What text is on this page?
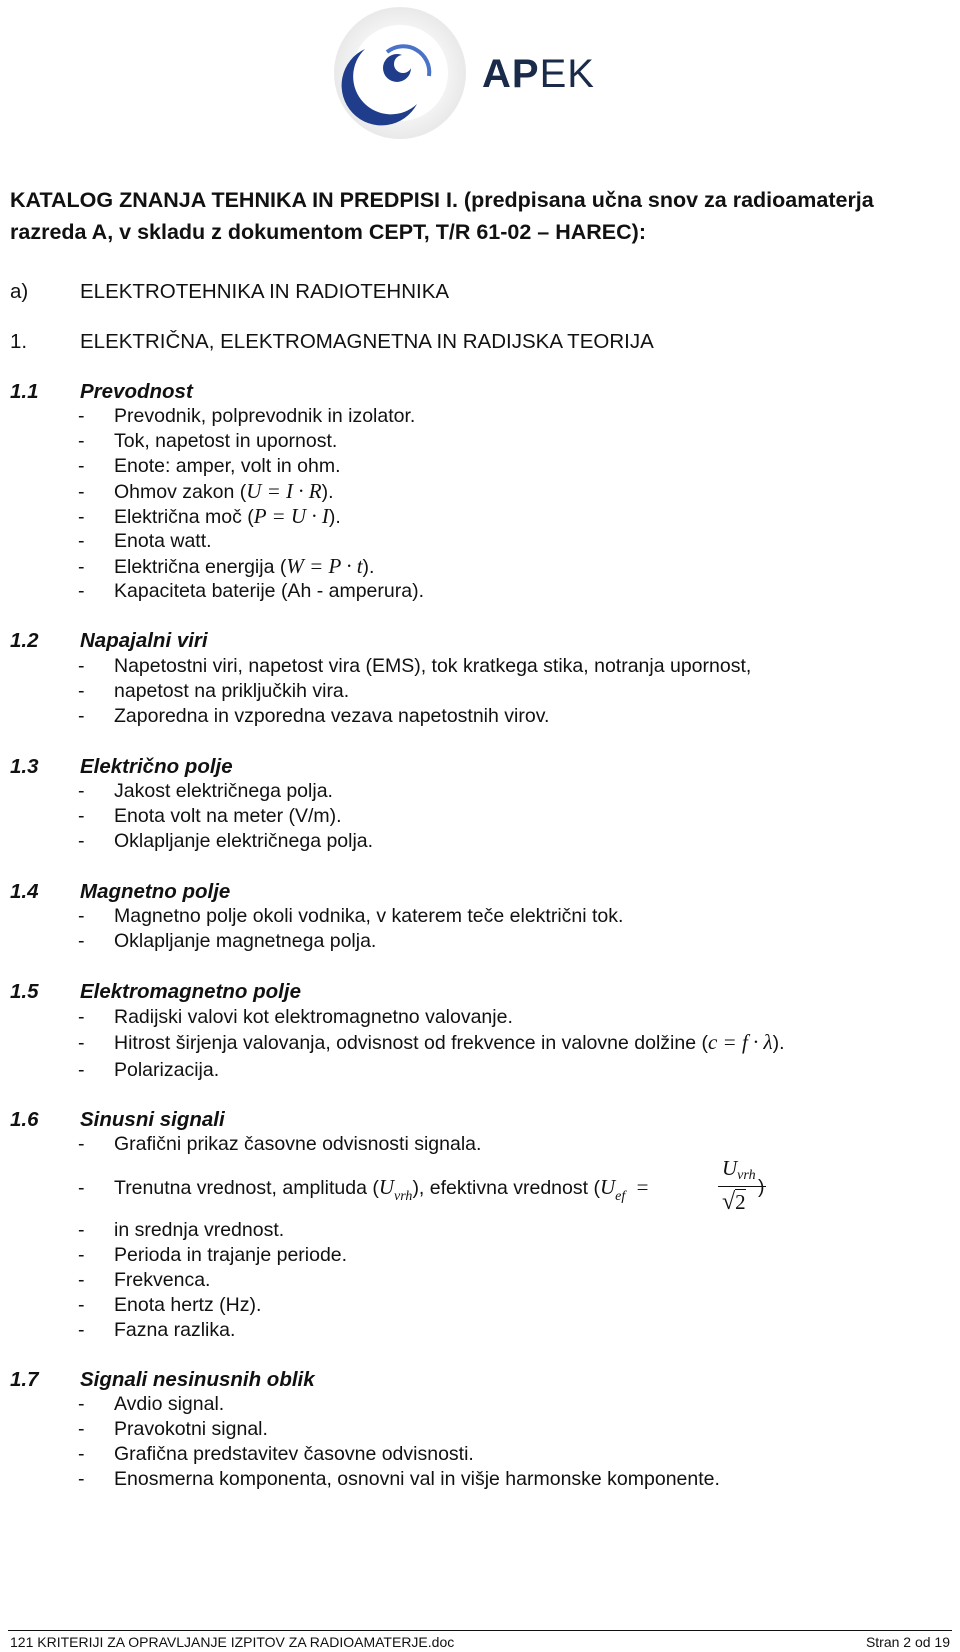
APEK
KATALOG ZNANJA TEHNIKA IN PREDPISI I. (predpisana učna snov za radioamaterja razreda A, v skladu z dokumentom CEPT, T/R 61-02 – HAREC):
a)	ELEKTROTEHNIKA IN RADIOTEHNIKA
1.	ELEKTRIČNA, ELEKTROMAGNETNA IN RADIJSKA TEORIJA
1.1 Prevodnost
- Prevodnik, polprevodnik in izolator.
- Tok, napetost in upornost.
- Enote: amper, volt in ohm.
- Ohmov zakon (U = I · R).
- Električna moč (P = U · I).
- Enota watt.
- Električna energija (W = P · t).
- Kapaciteta baterije (Ah - amperura).
1.2 Napajalni viri
- Napetostni viri, napetost vira (EMS), tok kratkega stika, notranja upornost,
- napetost na priključkih vira.
- Zaporedna in vzporedna vezava napetostnih virov.
1.3 Električno polje
- Jakost električnega polja.
- Enota volt na meter (V/m).
- Oklapljanje električnega polja.
1.4 Magnetno polje
- Magnetno polje okoli vodnika, v katerem teče električni tok.
- Oklapljanje magnetnega polja.
1.5 Elektromagnetno polje
- Radijski valovi kot elektromagnetno valovanje.
- Hitrost širjenja valovanja, odvisnost od frekvence in valovne dolžine (c = f · λ).
- Polarizacija.
1.6 Sinusni signali
- Grafični prikaz časovne odvisnosti signala.
- Trenutna vrednost, amplituda $(U_{vrh})$, efektivna vrednost ($U_{ef}$ =
Uvrh
√2
)
- in srednja vrednost.
- Perioda in trajanje periode.
- Frekvenca.
- Enota hertz (Hz).
- Fazna razlika.
1.7 Signali nesinusnih oblik
- Avdio signal.
- Pravokotni signal.
- Grafična predstavitev časovne odvisnosti.
- Enosmerna komponenta, osnovni val in višje harmonske komponente.
121 KRITERIJI ZA OPRAVLJANJE IZPITOV ZA RADIOAMATERJE.doc	Stran 2 od 19
